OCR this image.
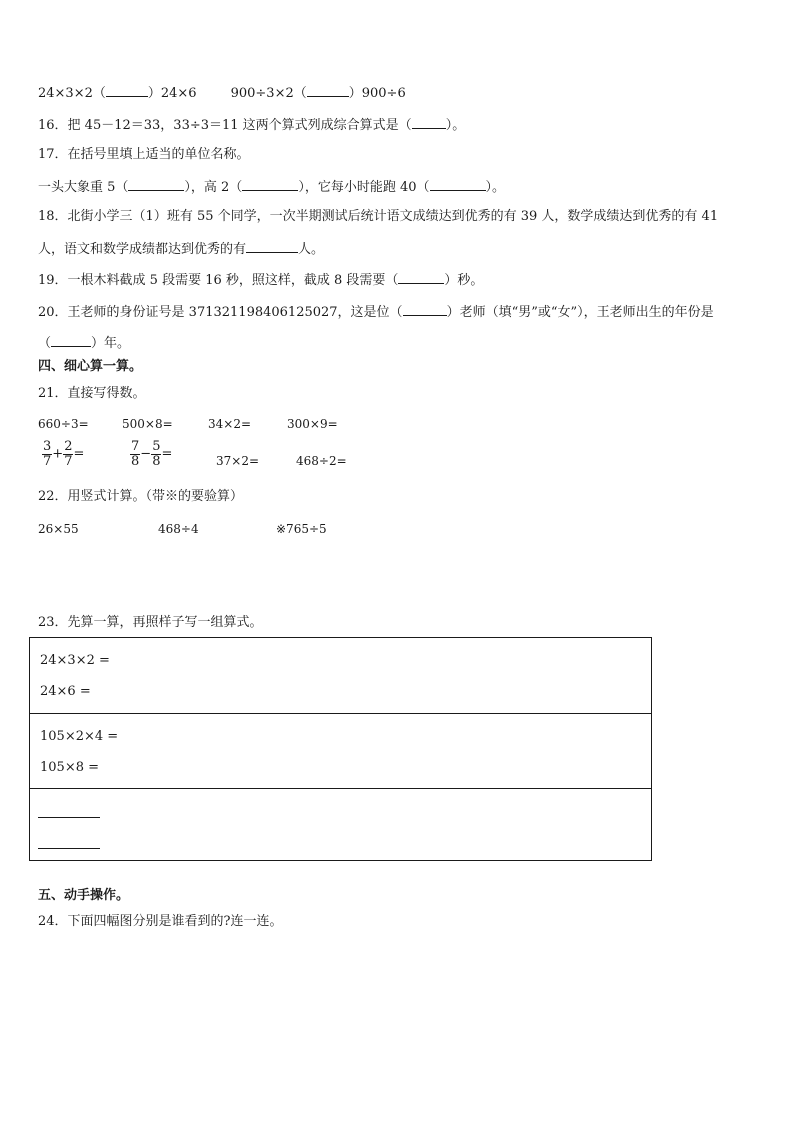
24×3×2（	）24×6	900÷3×2（	）900÷6
16．把 45－12＝33，33÷3＝11 这两个算式列成综合算式是（	）。
17．在括号里填上适当的单位名称。
一头大象重 5（	），高 2（	），它每小时能跑 40（	）。
18．北街小学三（1）班有 55 个同学，一次半期测试后统计语文成绩达到优秀的有 39 人，数学成绩达到优秀的有 41
人，语文和数学成绩都达到优秀的有	人。
19．一根木料截成 5 段需要 16 秒，照这样，截成 8 段需要（	）秒。
20．王老师的身份证号是 371321198406125027，这是位（	）老师（填“男”或“女”），王老师出生的年份是
（	）年。
四、细心算一算。
21．直接写得数。
660÷3=	500×8=	34×2=	300×9=
$\frac{3}{7} + \frac{2}{7}$ =	$\frac{7}{8} - \frac{5}{8}$ =	37×2=	468÷2=
22．用竖式计算。（带※的要验算）
26×55	468÷4	※765÷5
23．先算一算，再照样子写一组算式。
24×3×2 =
24×6 =
105×2×4 =
105×8 =
五、动手操作。
24．下面四幅图分别是谁看到的?连一连。
